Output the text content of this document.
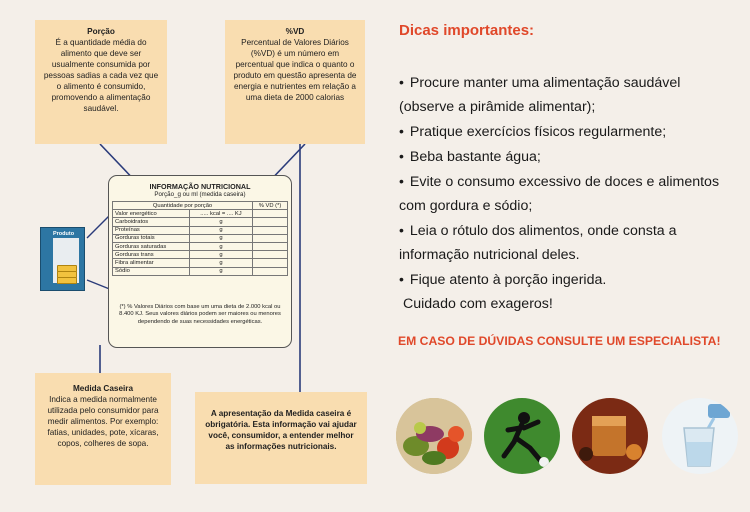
Porção
É a quantidade média do alimento que deve ser usualmente consumida por pessoas sadias a cada vez que o alimento é consumido, promovendo a alimentação saudável.
%VD
Percentual de Valores Diários (%VD) é um número em percentual que indica o quanto o produto em questão apresenta de energia e nutrientes em relação a uma dieta de 2000 calorias
Produto
INFORMAÇÃO NUTRICIONAL
Porção_g ou ml (medida caseira)
Quantidade por porção		% VD (*)
Valor energético	..... kcal = .... KJ	
Carboidratos	g	
Proteínas	g	
Gorduras totais	g	
Gorduras saturadas	g	
Gorduras trans	g	
Fibra alimentar	g	
Sódio	g	
(*) % Valores Diários com base um uma dieta de 2.000 kcal ou 8.400 KJ. Seus valores diários podem ser maiores ou menores dependendo de suas necessidades energéticas.
Medida Caseira
Indica a medida normalmente utilizada pelo consumidor para medir alimentos. Por exemplo: fatias, unidades, pote, xícaras, copos, colheres de sopa.
A apresentação da Medida caseira é obrigatória. Esta informação vai ajudar você, consumidor, a entender melhor as informações nutricionais.
Dicas importantes:
• Procure manter uma alimentação saudável (observe a pirâmide alimentar);
• Pratique exercícios físicos regularmente;
• Beba bastante água;
• Evite o consumo excessivo de doces e alimentos com gordura e sódio;
• Leia o rótulo dos alimentos, onde consta a informação nutricional deles.
• Fique atento à porção ingerida.
Cuidado com exageros!
EM CASO DE DÚVIDAS CONSULTE UM ESPECIALISTA!
